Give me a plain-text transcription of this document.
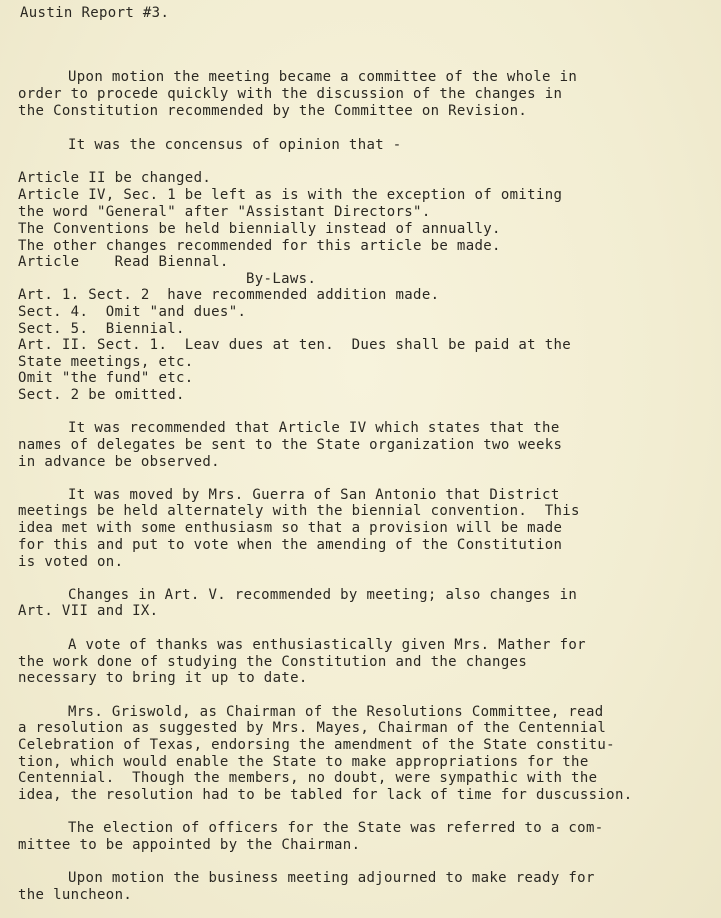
Austin Report #3.
Upon motion the meeting became a committee of the whole in
order to procede quickly with the discussion of the changes in
the Constitution recommended by the Committee on Revision.
It was the concensus of opinion that -
Article II be changed.
Article IV, Sec. 1 be left as is with the exception of omiting
the word "General" after "Assistant Directors".
The Conventions be held biennially instead of annually.
The other changes recommended for this article be made.
Article    Read Biennal.
By-Laws.
Art. 1. Sect. 2  have recommended addition made.
Sect. 4.  Omit "and dues".
Sect. 5.  Biennial.
Art. II. Sect. 1.  Leav dues at ten.  Dues shall be paid at the
State meetings, etc.
Omit "the fund" etc.
Sect. 2 be omitted.
It was recommended that Article IV which states that the
names of delegates be sent to the State organization two weeks
in advance be observed.
It was moved by Mrs. Guerra of San Antonio that District
meetings be held alternately with the biennial convention.  This
idea met with some enthusiasm so that a provision will be made
for this and put to vote when the amending of the Constitution
is voted on.
Changes in Art. V. recommended by meeting; also changes in
Art. VII and IX.
A vote of thanks was enthusiastically given Mrs. Mather for
the work done of studying the Constitution and the changes
necessary to bring it up to date.
Mrs. Griswold, as Chairman of the Resolutions Committee, read
a resolution as suggested by Mrs. Mayes, Chairman of the Centennial
Celebration of Texas, endorsing the amendment of the State constitu-
tion, which would enable the State to make appropriations for the
Centennial.  Though the members, no doubt, were sympathic with the
idea, the resolution had to be tabled for lack of time for duscussion.
The election of officers for the State was referred to a com-
mittee to be appointed by the Chairman.
Upon motion the business meeting adjourned to make ready for
the luncheon.
